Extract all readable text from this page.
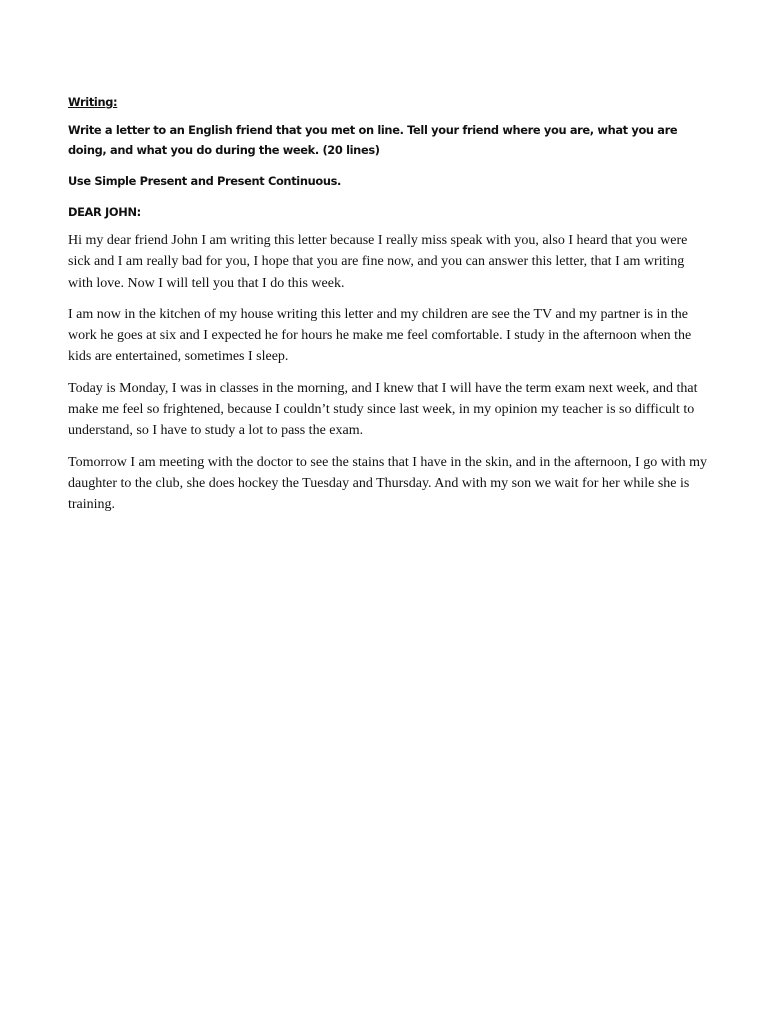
Writing:
Write a letter to an English friend that you met on line. Tell your friend where you are, what you are doing, and what you do during the week. (20 lines)
Use Simple Present and Present Continuous.
DEAR JOHN:

Hi my dear friend John I am writing this letter because I really miss speak with you, also I heard that you were sick and I am really bad for you, I hope that you are fine now, and you can answer this letter, that I am writing with love. Now I will tell you that I do this week.

I am now in the kitchen of my house writing this letter and my children are see the TV and my partner is in the work he goes at six and I expected he for hours he make me feel comfortable. I study in the afternoon when the kids are entertained, sometimes I sleep.

Today is Monday, I was in classes in the morning, and I knew that I will have the term exam next week, and that make me feel so frightened, because I couldn’t study since last week, in my opinion my teacher is so difficult to understand, so I have to study a lot to pass the exam.

Tomorrow I am meeting with the doctor to see the stains that I have in the skin, and in the afternoon, I go with my daughter to the club, she does hockey the Tuesday and Thursday. And with my son we wait for her while she is training.
